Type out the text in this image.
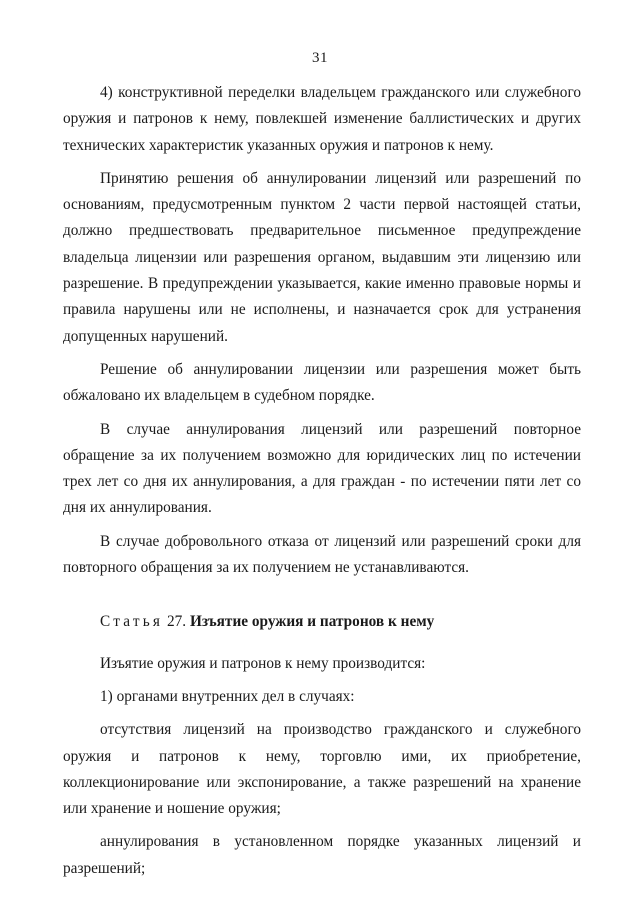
31

4) конструктивной переделки владельцем гражданского или служебного оружия и патронов к нему, повлекшей изменение баллистических и других технических характеристик указанных оружия и патронов к нему.

Принятию решения об аннулировании лицензий или разрешений по основаниям, предусмотренным пунктом 2 части первой настоящей статьи, должно предшествовать предварительное письменное предупреждение владельца лицензии или разрешения органом, выдавшим эти лицензию или разрешение. В предупреждении указывается, какие именно правовые нормы и правила нарушены или не исполнены, и назначается срок для устранения допущенных нарушений.

Решение об аннулировании лицензии или разрешения может быть обжаловано их владельцем в судебном порядке.

В случае аннулирования лицензий или разрешений повторное обращение за их получением возможно для юридических лиц по истечении трех лет со дня их аннулирования, а для граждан - по истечении пяти лет со дня их аннулирования.

В случае добровольного отказа от лицензий или разрешений сроки для повторного обращения за их получением не устанавливаются.

Статья 27. Изъятие оружия и патронов к нему

Изъятие оружия и патронов к нему производится:

1) органами внутренних дел в случаях:

отсутствия лицензий на производство гражданского и служебного оружия и патронов к нему, торговлю ими, их приобретение, коллекционирование или экспонирование, а также разрешений на хранение или хранение и ношение оружия;

аннулирования в установленном порядке указанных лицензий и разрешений;
